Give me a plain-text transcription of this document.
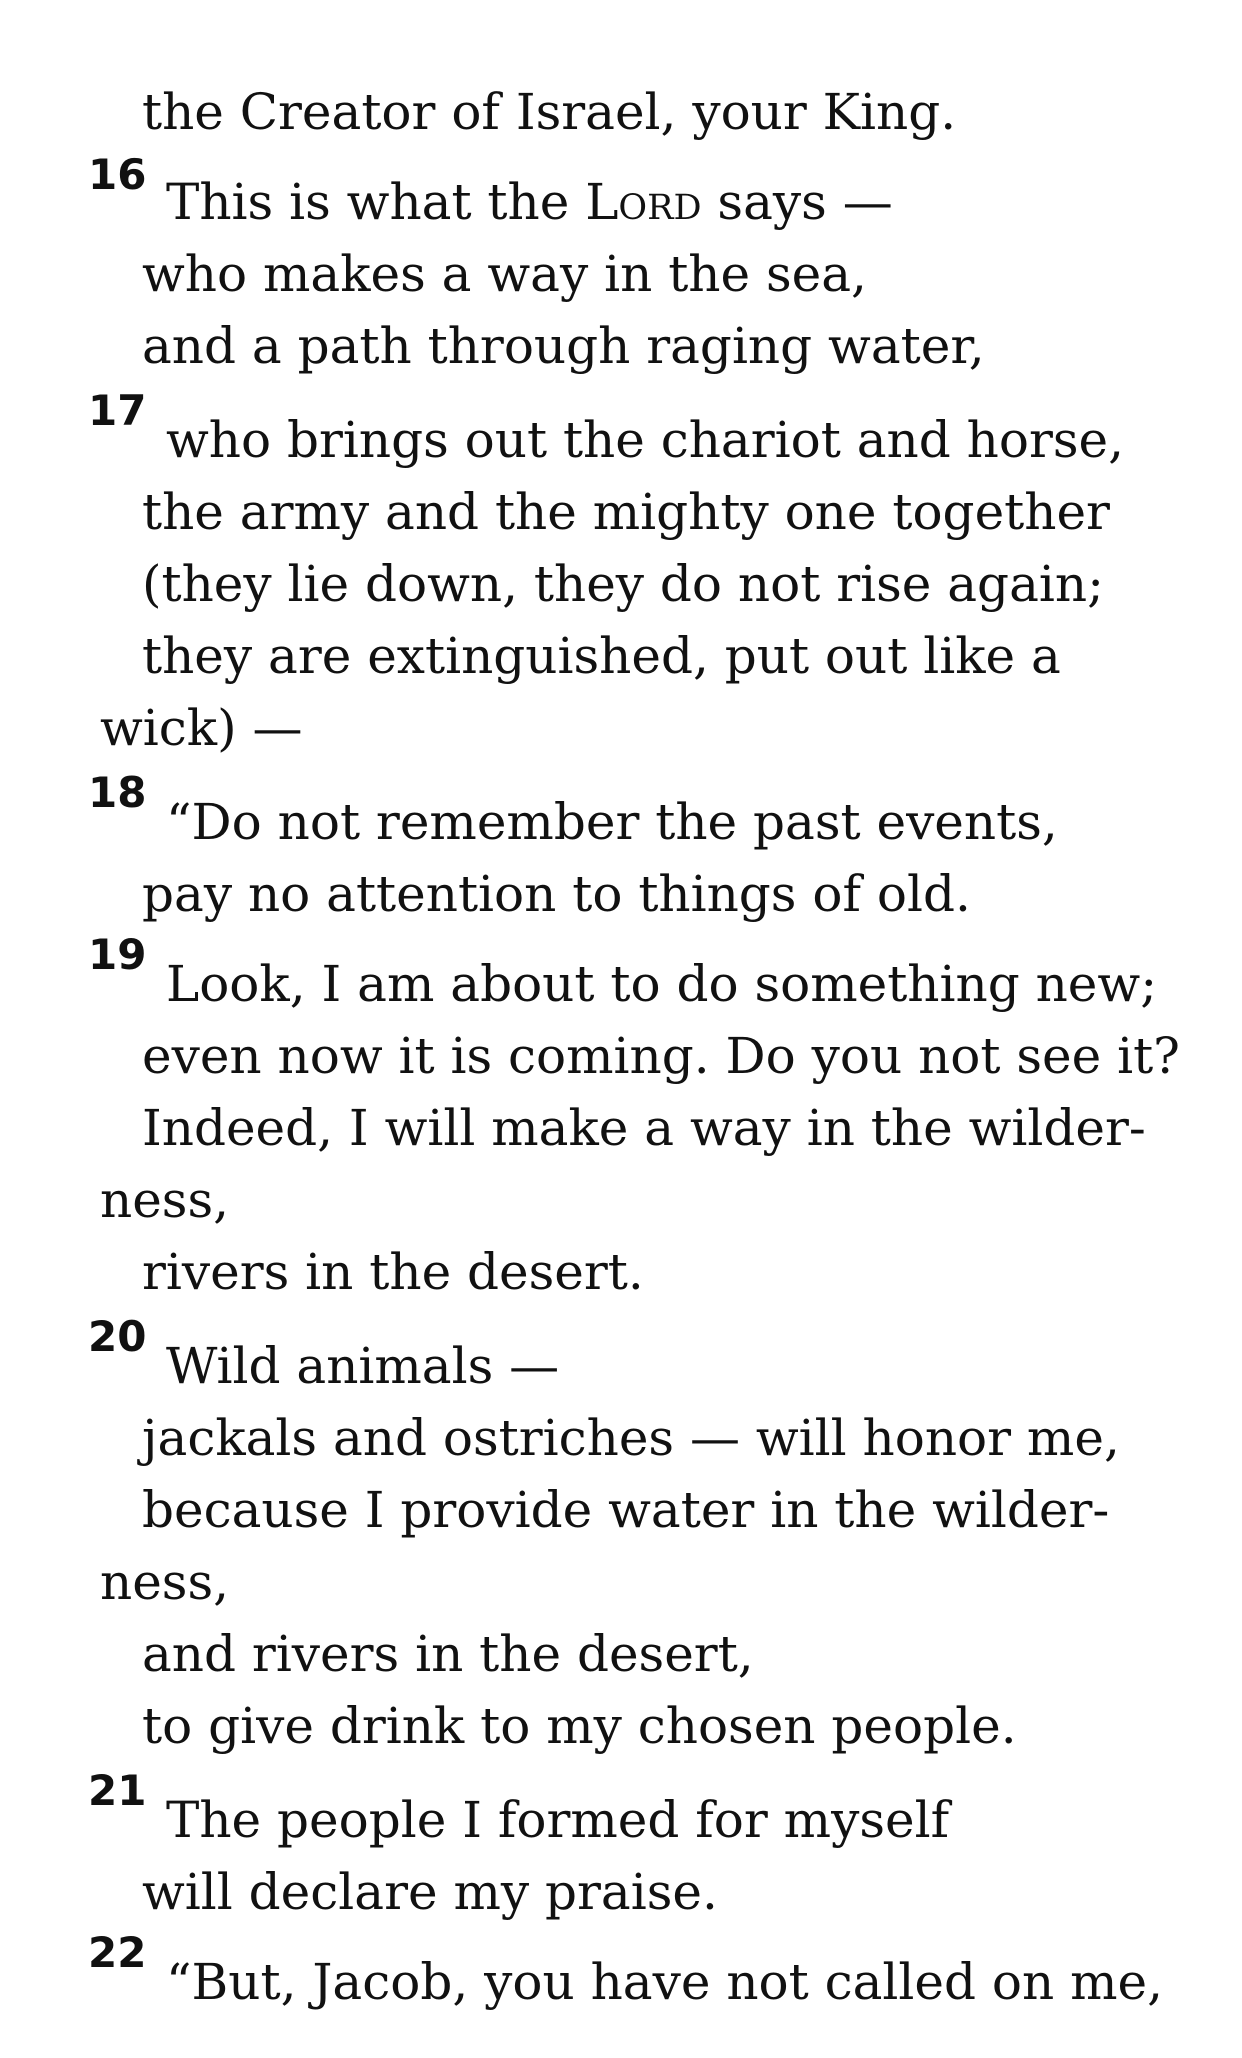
the Creator of Israel, your King.
16 This is what the Lord says —
who makes a way in the sea,
and a path through raging water,
17
who brings out the chariot and horse,
the army and the mighty one together
(they lie down, they do not rise again;
they are extinguished, put out like a
wick) —
18
“Do not remember the past events,
pay no attention to things of old.
19
Look, I am about to do something new;
even now it is coming. Do you not see it?
Indeed, I will make a way in the wilder-
ness,
rivers in the desert.
20
Wild animals —
jackals and ostriches — will honor me,
because I provide water in the wilder-
ness,
and rivers in the desert,
to give drink to my chosen people.
21
The people I formed for myself
will declare my praise.
22
“But, Jacob, you have not called on me,
